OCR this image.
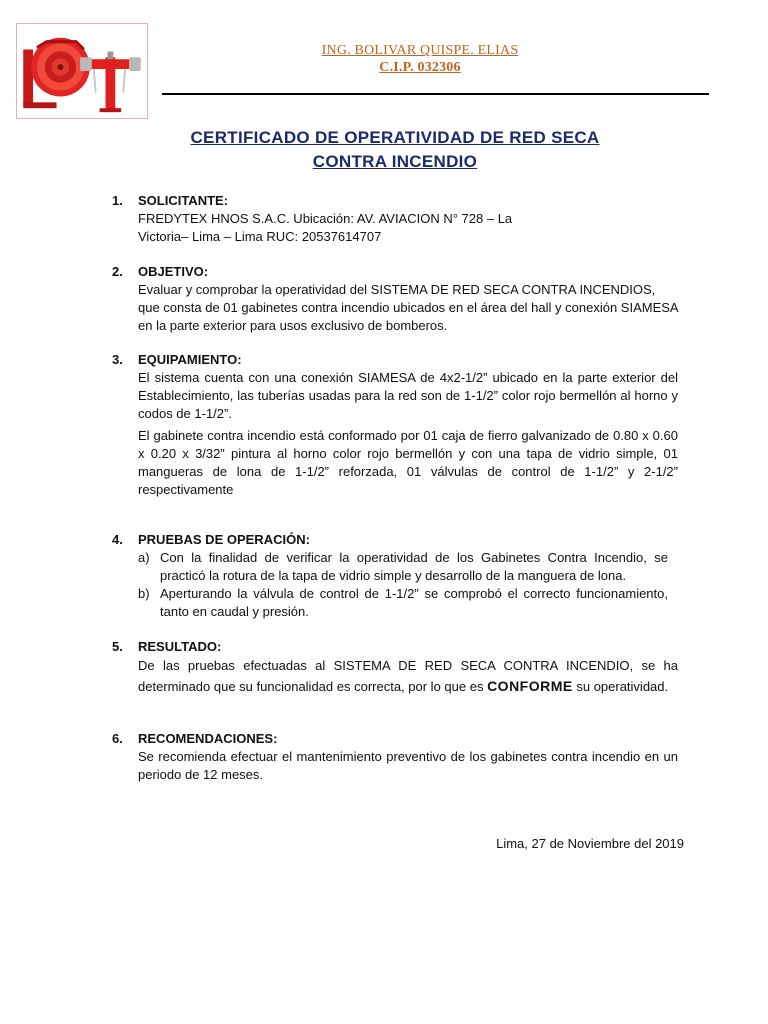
ING. BOLIVAR QUISPE. ELIAS
C.I.P. 032306
CERTIFICADO DE OPERATIVIDAD DE RED SECA
CONTRA INCENDIO
1.	SOLICITANTE:

FREDYTEX HNOS S.A.C. Ubicación: AV. AVIACION N° 728 – La

Victoria– Lima – Lima RUC: 20537614707

2.	OBJETIVO:

Evaluar y comprobar la operatividad del SISTEMA DE RED SECA CONTRA INCENDIOS, que consta de 01 gabinetes contra incendio ubicados en el área del hall y conexión SIAMESA en la parte exterior para usos exclusivo de bomberos.

3.	EQUIPAMIENTO:

El sistema cuenta con una conexión SIAMESA de 4x2-1/2” ubicado en la parte exterior del Establecimiento, las tuberías usadas para la red son de 1-1/2” color rojo bermellón al horno y codos de 1-1/2”.

El gabinete contra incendio está conformado por 01 caja de fierro galvanizado de 0.80 x 0.60 x 0.20 x 3/32” pintura al horno color rojo bermellón y con una tapa de vidrio simple, 01 mangueras de lona de 1-1/2” reforzada, 01 válvulas de control de 1-1/2” y 2-1/2” respectivamente

4.	PRUEBAS DE OPERACIÓN:
a) Con la finalidad de verificar la operatividad de los Gabinetes Contra Incendio, se practicó la rotura de la tapa de vidrio simple y desarrollo de la manguera de lona.
b) Aperturando la válvula de control de 1-1/2” se comprobó el correcto funcionamiento, tanto en caudal y presión.
5.	RESULTADO:

De las pruebas efectuadas al SISTEMA DE RED SECA CONTRA INCENDIO, se ha determinado que su funcionalidad es correcta, por lo que es CONFORME su operatividad.

6.	RECOMENDACIONES:

Se recomienda efectuar el mantenimiento preventivo de los gabinetes contra incendio en un periodo de 12 meses.

Lima, 27 de Noviembre del 2019
